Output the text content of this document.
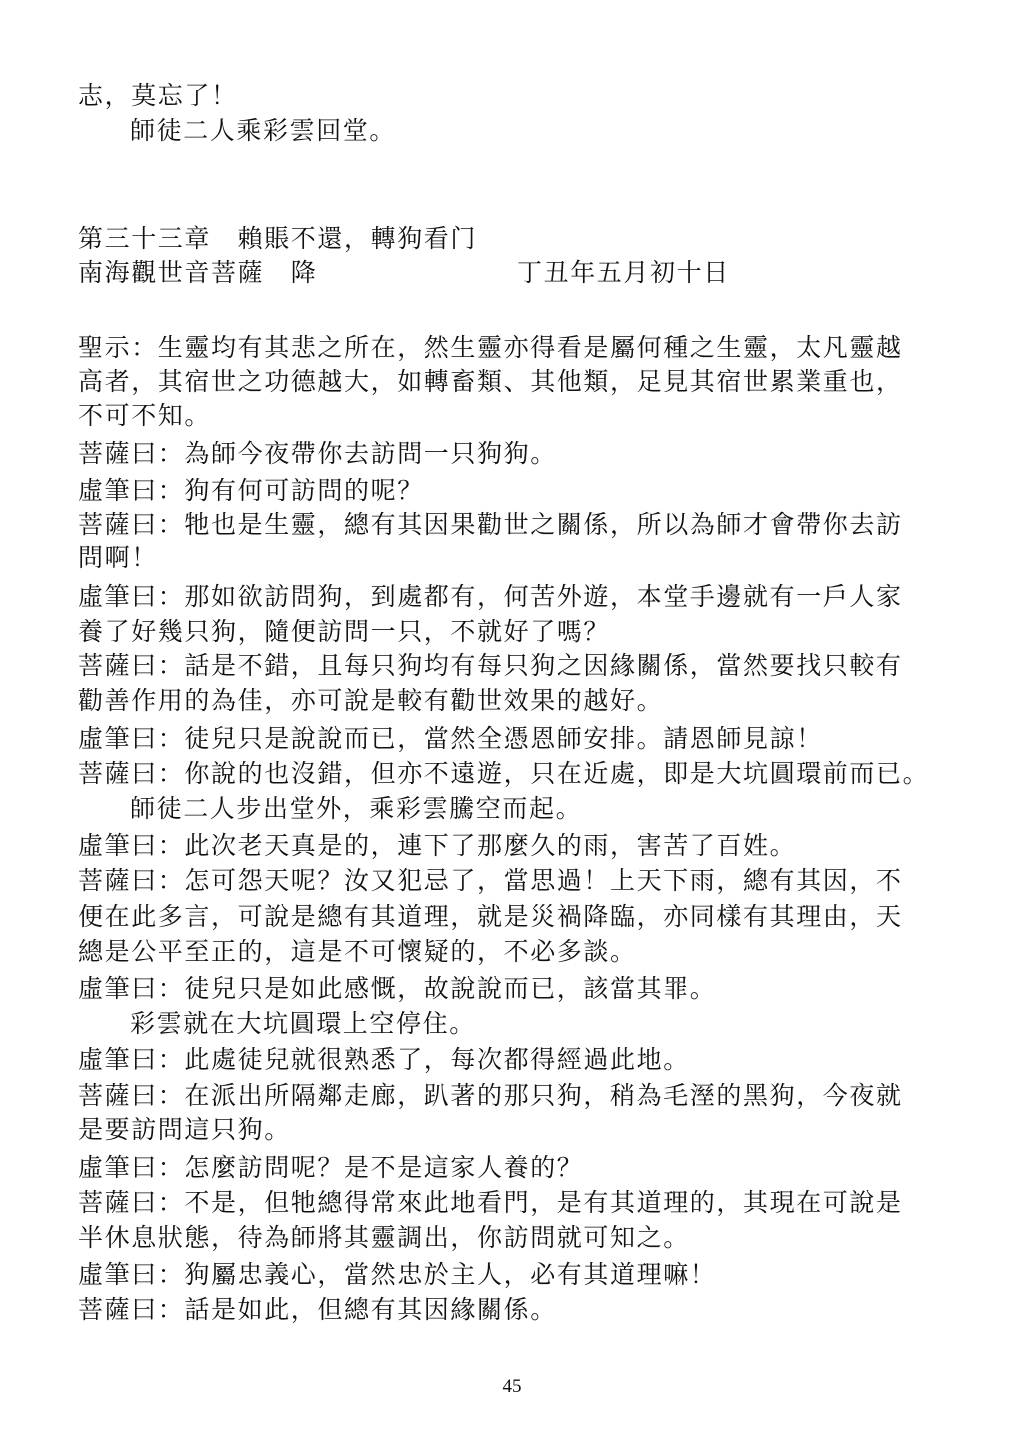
志，莫忘了！
師徒二人乘彩雲回堂。
第三十三章　賴賬不還，轉狗看门
南海觀世音菩薩　降	丁丑年五月初十日
聖示：生靈均有其悲之所在，然生靈亦得看是屬何種之生靈，太凡靈越
高者，其宿世之功德越大，如轉畜類、其他類，足見其宿世累業重也，
不可不知。
菩薩曰：為師今夜帶你去訪問一只狗狗。
虛筆曰：狗有何可訪問的呢？
菩薩曰：牠也是生靈，總有其因果勸世之關係，所以為師才會帶你去訪
問啊！
虛筆曰：那如欲訪問狗，到處都有，何苦外遊，本堂手邊就有一戶人家
養了好幾只狗，隨便訪問一只，不就好了嗎？
菩薩曰：話是不錯，且每只狗均有每只狗之因緣關係，當然要找只較有
勸善作用的為佳，亦可說是較有勸世效果的越好。
虛筆曰：徒兒只是說說而已，當然全憑恩師安排。請恩師見諒！
菩薩曰：你說的也沒錯，但亦不遠遊，只在近處，即是大坑圓環前而已。
師徒二人步出堂外，乘彩雲騰空而起。
虛筆曰：此次老天真是的，連下了那麼久的雨，害苦了百姓。
菩薩曰：怎可怨天呢？汝又犯忌了，當思過！上天下雨，總有其因，不
便在此多言，可說是總有其道理，就是災禍降臨，亦同樣有其理由，天
總是公平至正的，這是不可懷疑的，不必多談。
虛筆曰：徒兒只是如此感慨，故說說而已，該當其罪。
彩雲就在大坑圓環上空停住。
虛筆曰：此處徒兒就很熟悉了，每次都得經過此地。
菩薩曰：在派出所隔鄰走廊，趴著的那只狗，稍為毛溼的黑狗，今夜就
是要訪問這只狗。
虛筆曰：怎麼訪問呢？是不是這家人養的？
菩薩曰：不是，但牠總得常來此地看門，是有其道理的，其現在可說是
半休息狀態，待為師將其靈調出，你訪問就可知之。
虛筆曰：狗屬忠義心，當然忠於主人，必有其道理嘛！
菩薩曰：話是如此，但總有其因緣關係。
45
